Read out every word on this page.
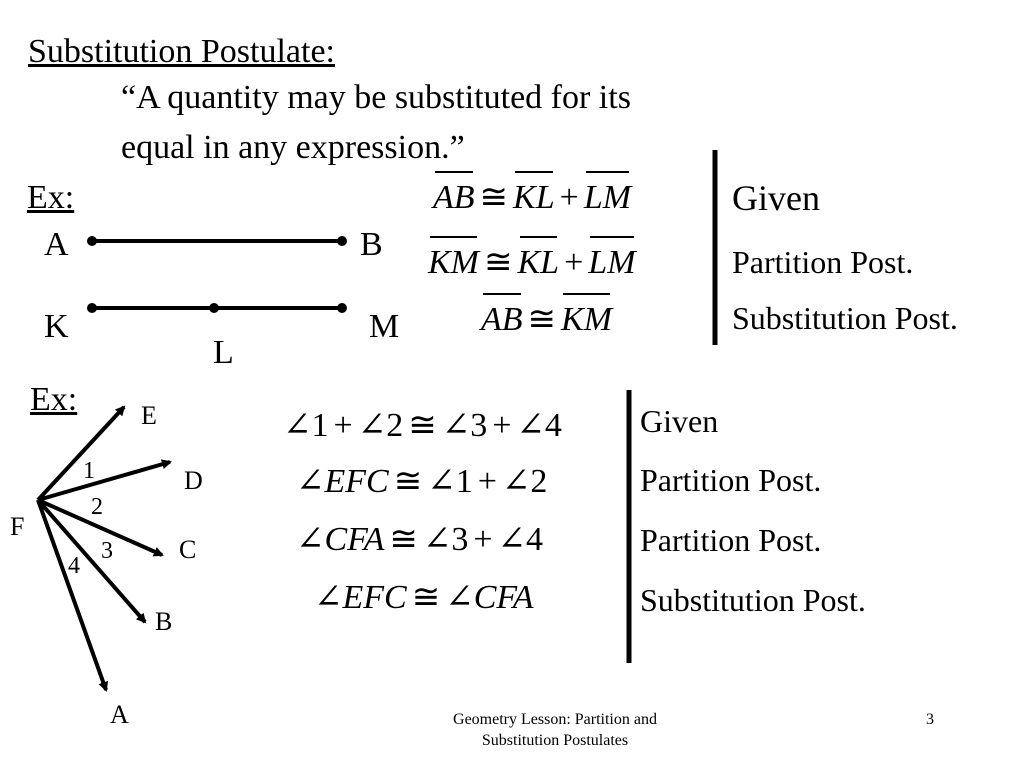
Substitution Postulate:
“A quantity may be substituted for its
equal in any expression.”
Ex:
A	B
K
L
M
AB ≅ KL + LM
KM ≅ KL + LM
AB ≅ KM
Given
Partition Post.
Substitution Post.
Ex: E
D
C
B
A
F
1
2
3
4
∠1 + ∠2 ≅ ∠3 + ∠4
∠EFC ≅ ∠1 + ∠2
∠CFA ≅ ∠3 + ∠4
∠EFC ≅ ∠CFA
Given
Partition Post.
Partition Post.
Substitution Post.
Geometry Lesson: Partition and
Substitution Postulates
3
